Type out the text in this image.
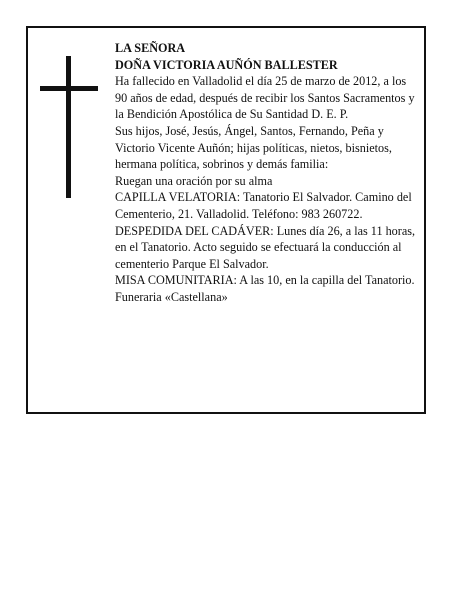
LA SEÑORA

DOÑA VICTORIA AUÑÓN BALLESTER

Ha fallecido en Valladolid el día 25 de marzo de 2012, a los 90 años de edad, después de recibir los Santos Sacramentos y la Bendición Apostólica de Su Santidad D. E. P.

Sus hijos, José, Jesús, Ángel, Santos, Fernando, Peña y Victorio Vicente Auñón; hijas políticas, nietos, bisnietos, hermana política, sobrinos y demás familia:

Ruegan una oración por su alma

CAPILLA VELATORIA: Tanatorio El Salvador. Camino del Cementerio, 21. Valladolid. Teléfono: 983 260722.

DESPEDIDA DEL CADÁVER: Lunes día 26, a las 11 horas, en el Tanatorio. Acto seguido se efectuará la conducción al cementerio Parque El Salvador.

MISA COMUNITARIA: A las 10, en la capilla del Tanatorio.

Funeraria «Castellana»
